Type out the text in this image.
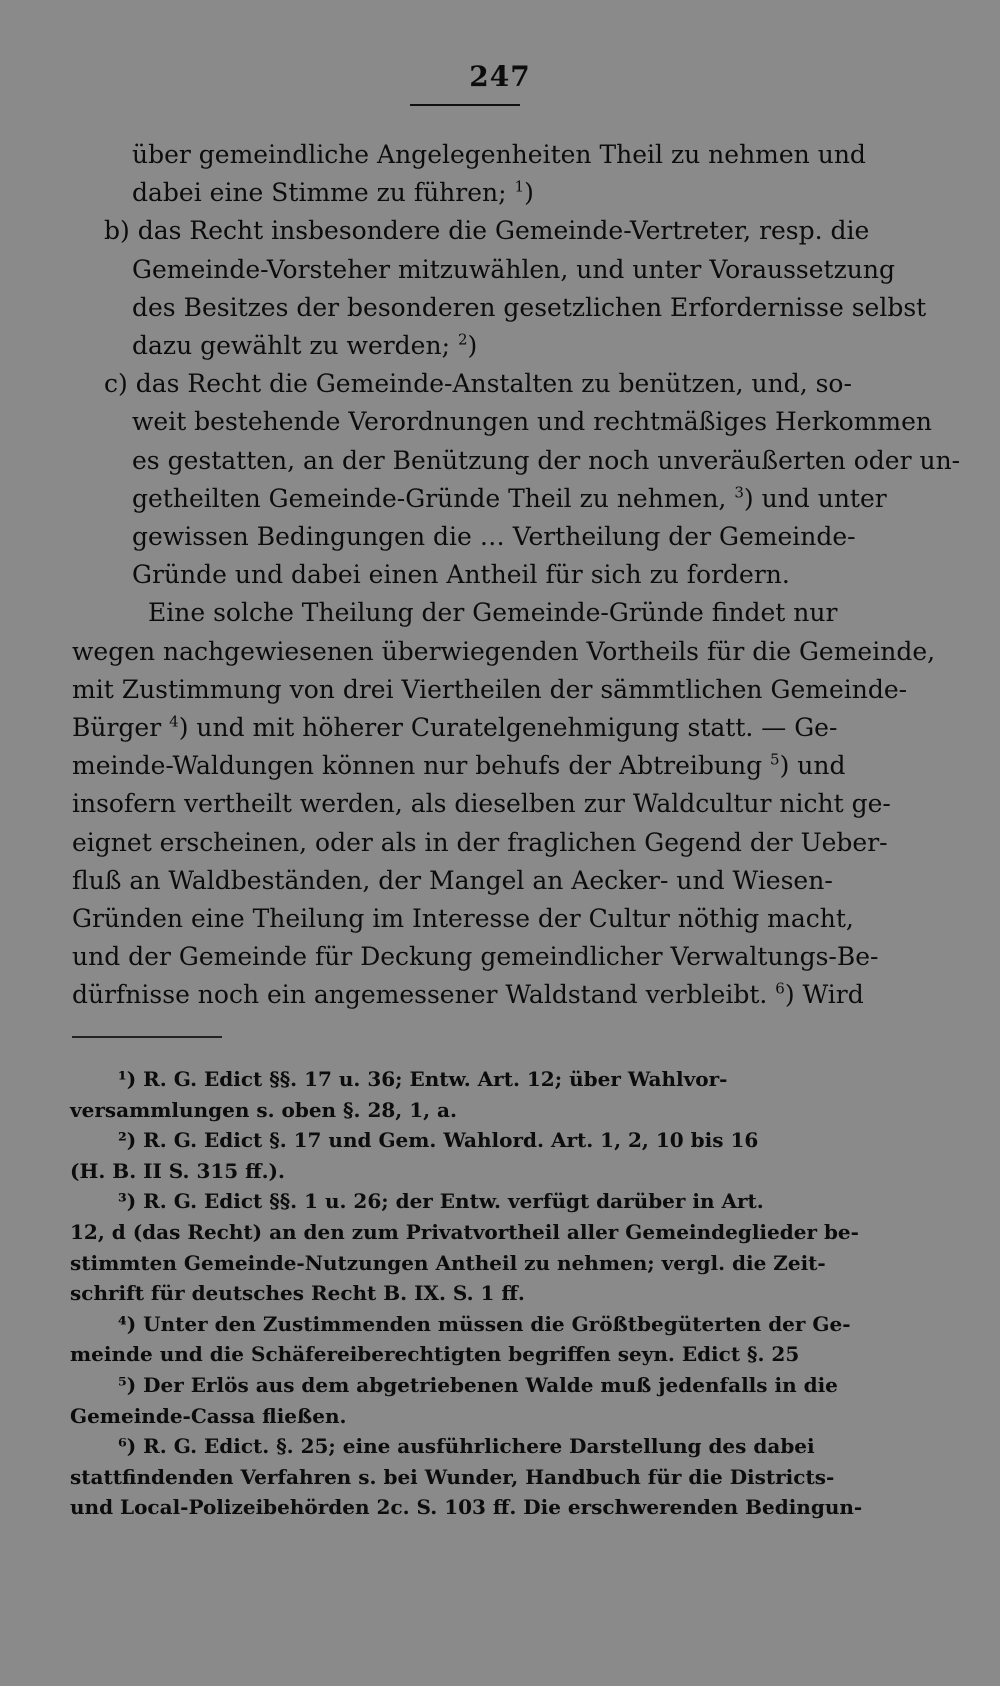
247
über gemeindliche Angelegenheiten Theil zu nehmen und
dabei eine Stimme zu führen; $^1$)
b) das Recht insbesondere die Gemeinde-Vertreter, resp. die
Gemeinde-Vorsteher mitzuwählen, und unter Voraussetzung
des Besitzes der besonderen gesetzlichen Erfordernisse selbst
dazu gewählt zu werden; $^2$)
c) das Recht die Gemeinde-Anstalten zu benützen, und, so-
weit bestehende Verordnungen und rechtmäßiges Herkommen
es gestatten, an der Benützung der noch unveräußerten oder un-
getheilten Gemeinde-Gründe Theil zu nehmen, $^3$) und unter
gewissen Bedingungen die … Vertheilung der Gemeinde-
Gründe und dabei einen Antheil für sich zu fordern.
Eine solche Theilung der Gemeinde-Gründe findet nur
wegen nachgewiesenen überwiegenden Vortheils für die Gemeinde,
mit Zustimmung von drei Viertheilen der sämmtlichen Gemeinde-
Bürger $^4$) und mit höherer Curatelgenehmigung statt. — Ge-
meinde-Waldungen können nur behufs der Abtreibung $^5$) und
insofern vertheilt werden, als dieselben zur Waldcultur nicht ge-
eignet erscheinen, oder als in der fraglichen Gegend der Ueber-
fluß an Waldbeständen, der Mangel an Aecker- und Wiesen-
Gründen eine Theilung im Interesse der Cultur nöthig macht,
und der Gemeinde für Deckung gemeindlicher Verwaltungs-Be-
dürfnisse noch ein angemessener Waldstand verbleibt. $^6$) Wird
¹) R. G. Edict §§. 17 u. 36; Entw. Art. 12; über Wahlvor-
versammlungen s. oben §. 28, 1, a.
²) R. G. Edict §. 17 und Gem. Wahlord. Art. 1, 2, 10 bis 16
(H. B. II S. 315 ff.).
³) R. G. Edict §§. 1 u. 26; der Entw. verfügt darüber in Art.
12, d (das Recht) an den zum Privatvortheil aller Gemeindeglieder be-
stimmten Gemeinde-Nutzungen Antheil zu nehmen; vergl. die Zeit-
schrift für deutsches Recht B. IX. S. 1 ff.
⁴) Unter den Zustimmenden müssen die Größtbegüterten der Ge-
meinde und die Schäfereiberechtigten begriffen seyn. Edict §. 25
⁵) Der Erlös aus dem abgetriebenen Walde muß jedenfalls in die
Gemeinde-Cassa fließen.
⁶) R. G. Edict. §. 25; eine ausführlichere Darstellung des dabei
stattfindenden Verfahren s. bei Wunder, Handbuch für die Districts-
und Local-Polizeibehörden 2c. S. 103 ff. Die erschwerenden Bedingun-
